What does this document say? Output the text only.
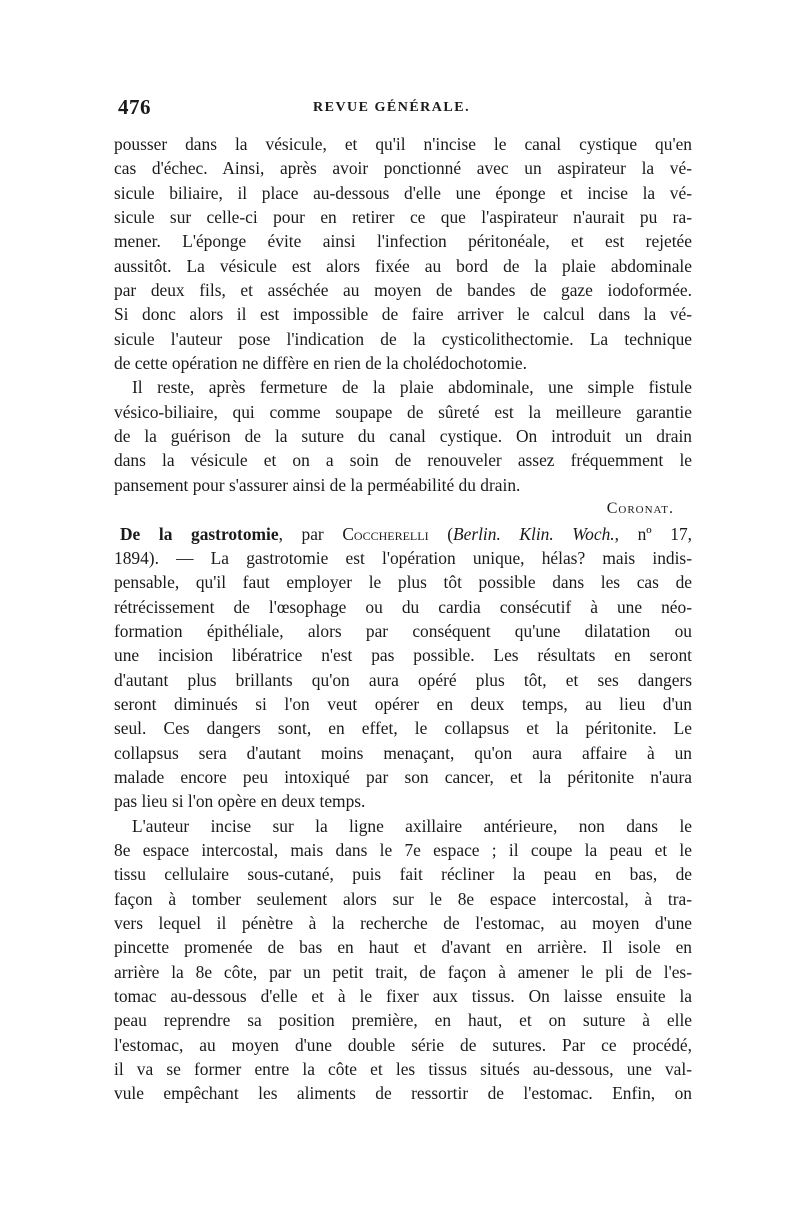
476	REVUE GÉNÉRALE.
pousser dans la vésicule, et qu'il n'incise le canal cystique qu'en
cas d'échec. Ainsi, après avoir ponctionné avec un aspirateur la vé-
sicule biliaire, il place au-dessous d'elle une éponge et incise la vé-
sicule sur celle-ci pour en retirer ce que l'aspirateur n'aurait pu ra-
mener. L'éponge évite ainsi l'infection péritonéale, et est rejetée
aussitôt. La vésicule est alors fixée au bord de la plaie abdominale
par deux fils, et asséchée au moyen de bandes de gaze iodoformée.
Si donc alors il est impossible de faire arriver le calcul dans la vé-
sicule l'auteur pose l'indication de la cysticolithectomie. La technique
de cette opération ne diffère en rien de la cholédochotomie.
Il reste, après fermeture de la plaie abdominale, une simple fistule
vésico-biliaire, qui comme soupape de sûreté est la meilleure garantie
de la guérison de la suture du canal cystique. On introduit un drain
dans la vésicule et on a soin de renouveler assez fréquemment le
pansement pour s'assurer ainsi de la perméabilité du drain.
Coronat.
De la gastrotomie, par Coccherelli (Berlin. Klin. Woch., nº 17,
1894). — La gastrotomie est l'opération unique, hélas? mais indis-
pensable, qu'il faut employer le plus tôt possible dans les cas de
rétrécissement de l'œsophage ou du cardia consécutif à une néo-
formation épithéliale, alors par conséquent qu'une dilatation ou
une incision libératrice n'est pas possible. Les résultats en seront
d'autant plus brillants qu'on aura opéré plus tôt, et ses dangers
seront diminués si l'on veut opérer en deux temps, au lieu d'un
seul. Ces dangers sont, en effet, le collapsus et la péritonite. Le
collapsus sera d'autant moins menaçant, qu'on aura affaire à un
malade encore peu intoxiqué par son cancer, et la péritonite n'aura
pas lieu si l'on opère en deux temps.
L'auteur incise sur la ligne axillaire antérieure, non dans le
8e espace intercostal, mais dans le 7e espace ; il coupe la peau et le
tissu cellulaire sous-cutané, puis fait récliner la peau en bas, de
façon à tomber seulement alors sur le 8e espace intercostal, à tra-
vers lequel il pénètre à la recherche de l'estomac, au moyen d'une
pincette promenée de bas en haut et d'avant en arrière. Il isole en
arrière la 8e côte, par un petit trait, de façon à amener le pli de l'es-
tomac au-dessous d'elle et à le fixer aux tissus. On laisse ensuite la
peau reprendre sa position première, en haut, et on suture à elle
l'estomac, au moyen d'une double série de sutures. Par ce procédé,
il va se former entre la côte et les tissus situés au-dessous, une val-
vule empêchant les aliments de ressortir de l'estomac. Enfin, on
